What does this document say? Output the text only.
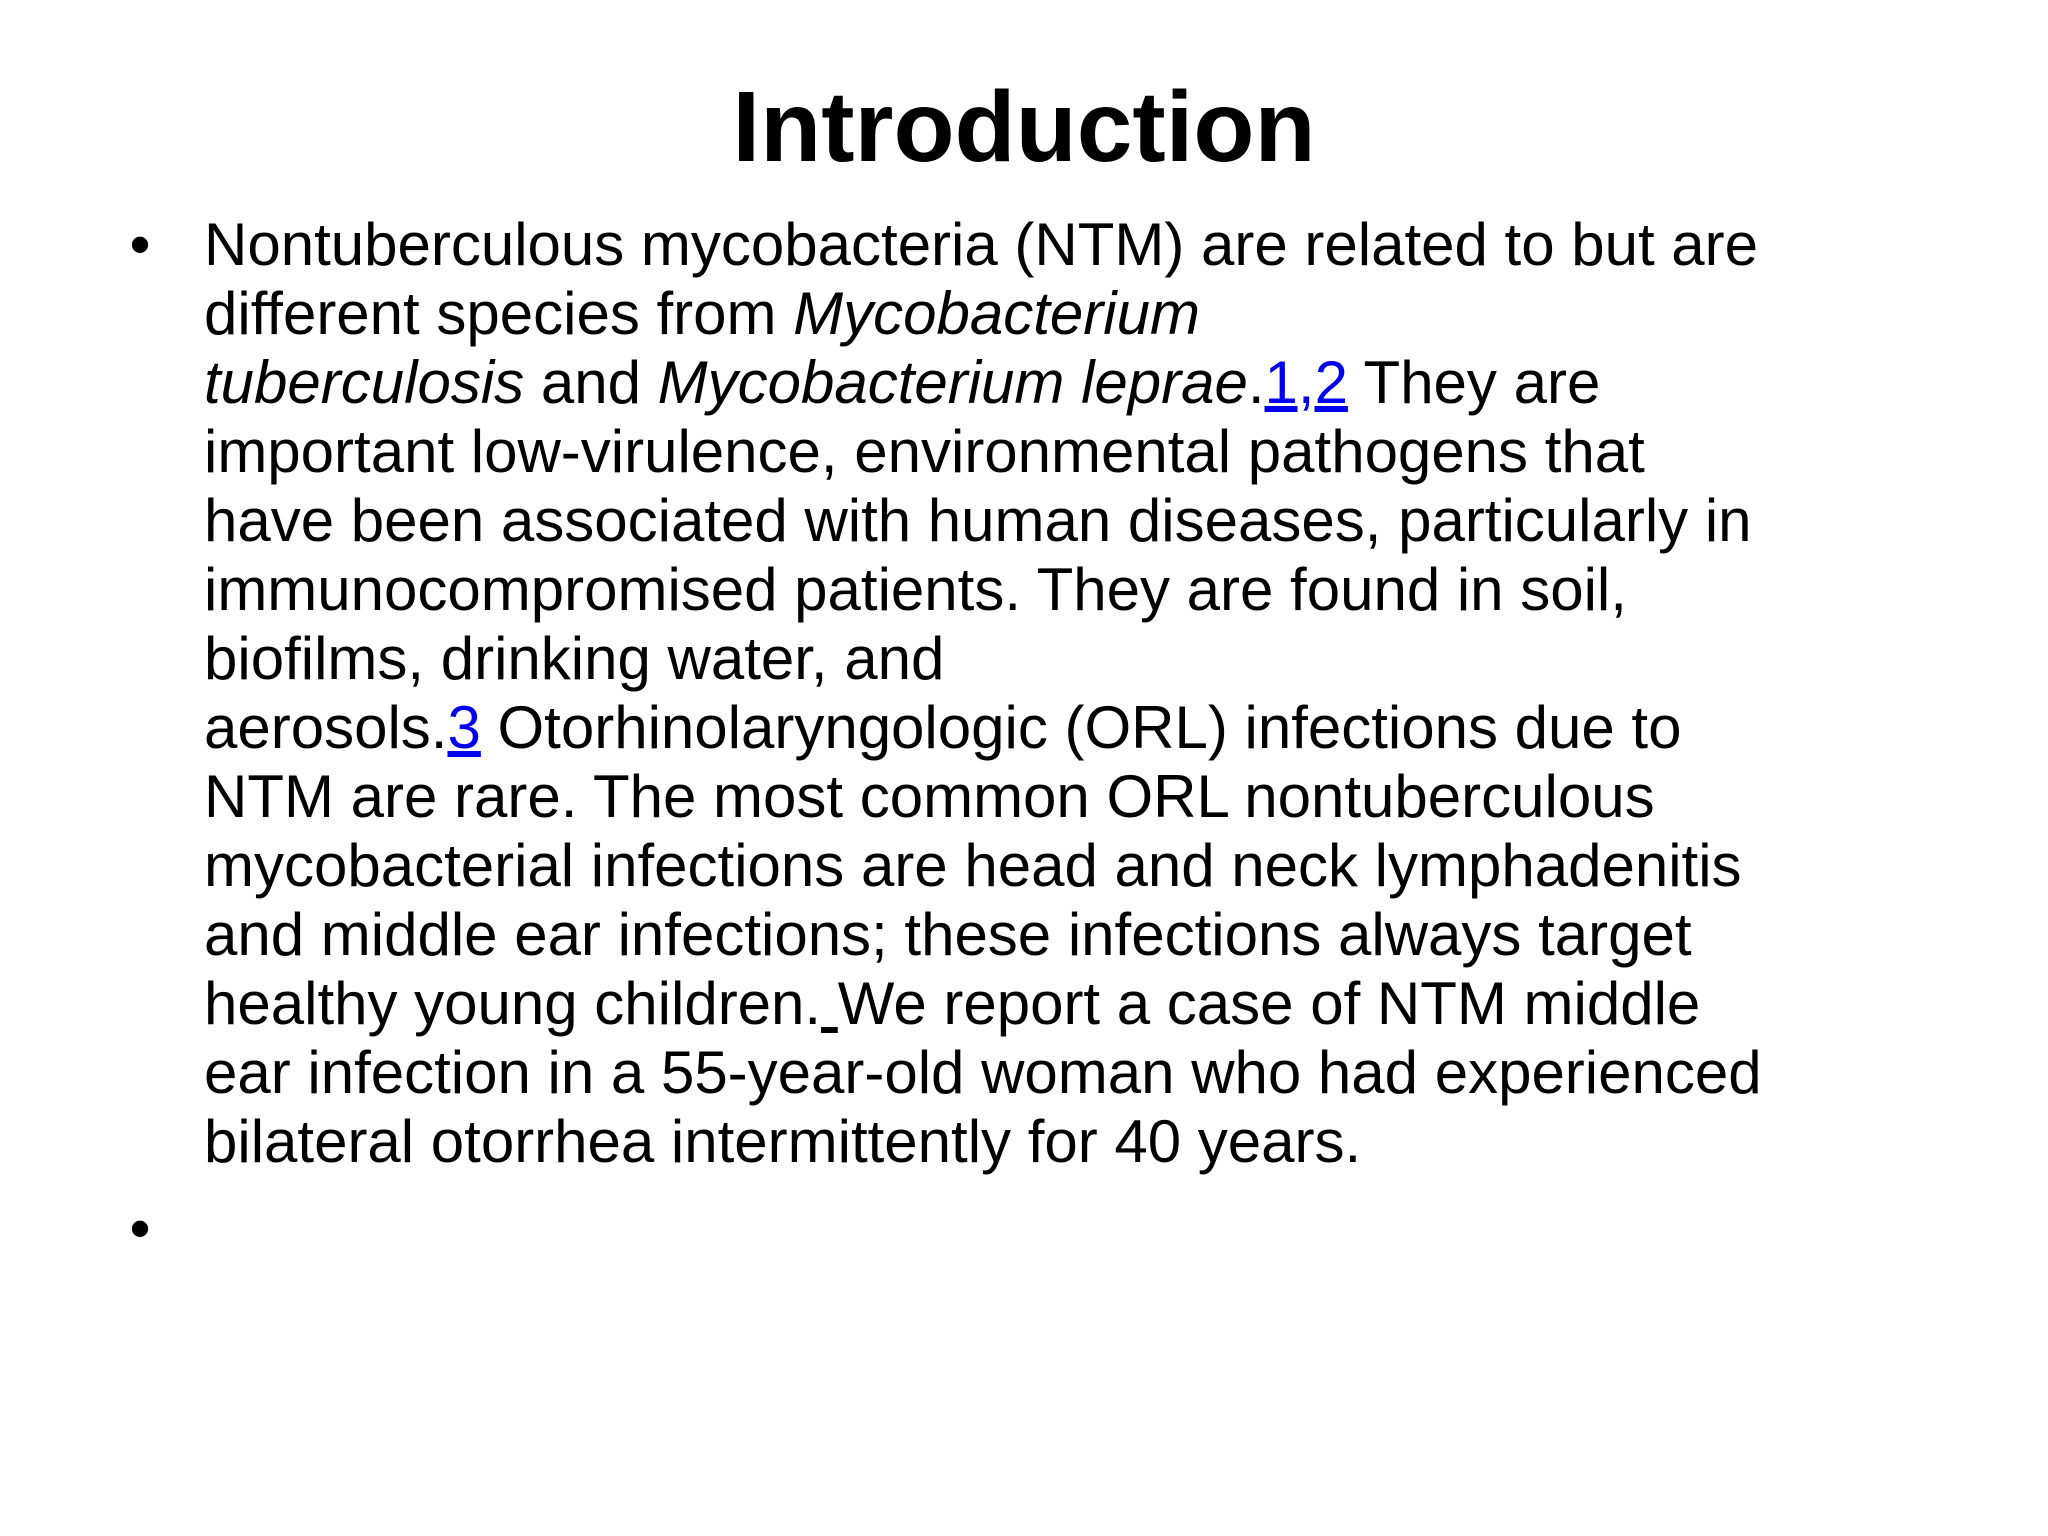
Introduction
• Nontuberculous mycobacteria (NTM) are related to but are
different species from Mycobacterium
tuberculosis and Mycobacterium leprae.1,2 They are
important low-virulence, environmental pathogens that
have been associated with human diseases, particularly in
immunocompromised patients. They are found in soil,
biofilms, drinking water, and
aerosols.3 Otorhinolaryngologic (ORL) infections due to
NTM are rare. The most common ORL nontuberculous
mycobacterial infections are head and neck lymphadenitis
and middle ear infections; these infections always target
healthy young children. We report a case of NTM middle
ear infection in a 55-year-old woman who had experienced
bilateral otorrhea intermittently for 40 years.
•
